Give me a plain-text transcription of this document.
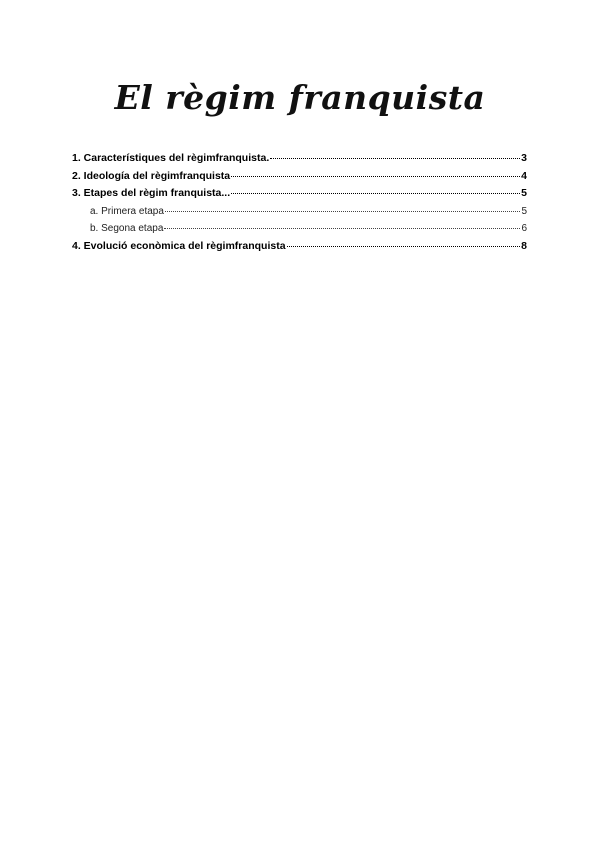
El règim franquista
1. Característiques del règimfranquista.	3
2. Ideología del règimfranquista	4
3. Etapes del règim franquista...	5
a. Primera etapa	5
b. Segona etapa	6
4. Evolució econòmica del règimfranquista	8
